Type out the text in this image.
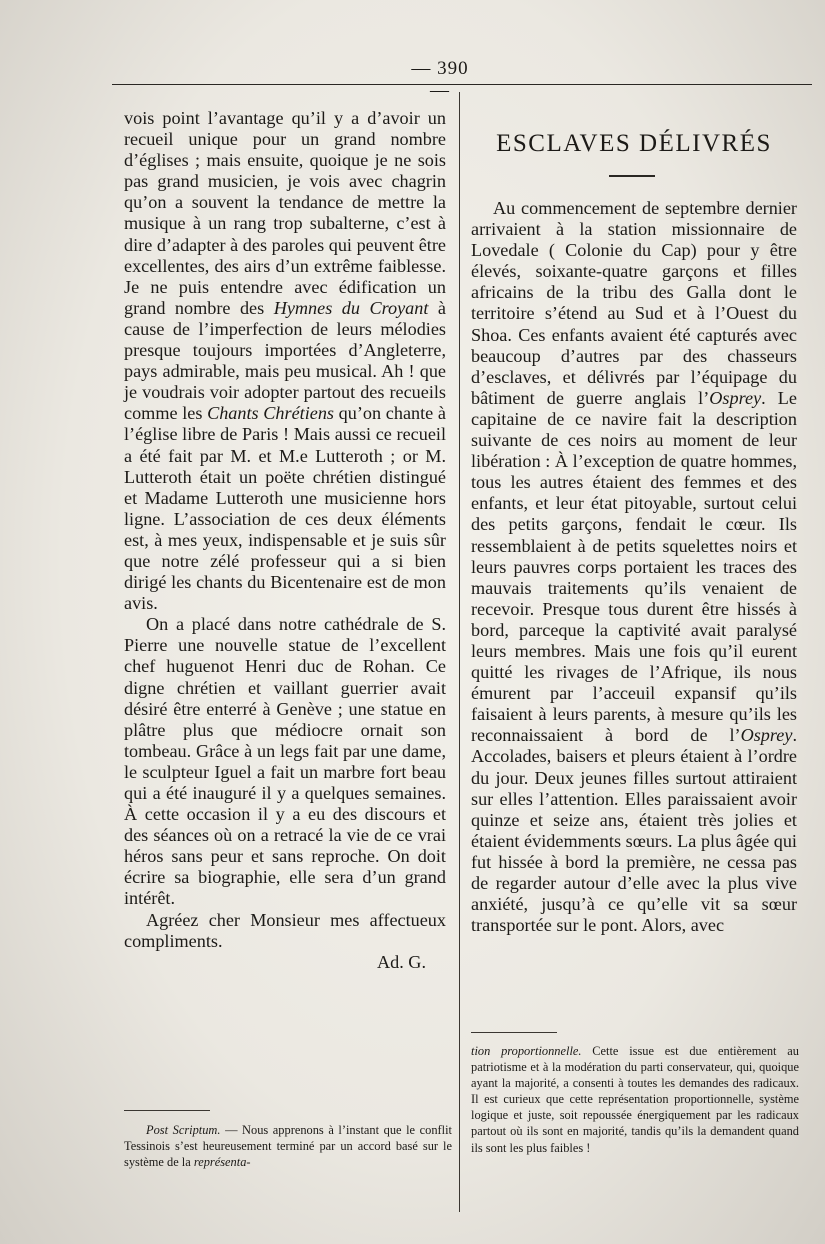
— 390 —

vois point l’avantage qu’il y a d’avoir un recueil unique pour un grand nombre d’églises ; mais ensuite, quoique je ne sois pas grand musicien, je vois avec chagrin qu’on a souvent la tendance de mettre la musique à un rang trop subalterne, c’est à dire d’adapter à des paroles qui peuvent être excellentes, des airs d’un extrême faiblesse. Je ne puis entendre avec édification un grand nombre des Hymnes du Croyant à cause de l’imperfection de leurs mélodies presque toujours importées d’Angleterre, pays admirable, mais peu musical. Ah ! que je voudrais voir adopter partout des recueils comme les Chants Chrétiens qu’on chante à l’église libre de Paris ! Mais aussi ce recueil a été fait par M. et M.e Lutteroth ; or M. Lutteroth était un poëte chrétien distingué et Madame Lutteroth une musicienne hors ligne. L’association de ces deux éléments est, à mes yeux, indispensable et je suis sûr que notre zélé professeur qui a si bien dirigé les chants du Bicentenaire est de mon avis.

On a placé dans notre cathédrale de S. Pierre une nouvelle statue de l’excellent chef huguenot Henri duc de Rohan. Ce digne chrétien et vaillant guerrier avait désiré être enterré à Genève ; une statue en plâtre plus que médiocre ornait son tombeau. Grâce à un legs fait par une dame, le sculpteur Iguel a fait un marbre fort beau qui a été inauguré il y a quelques semaines. À cette occasion il y a eu des discours et des séances où on a retracé la vie de ce vrai héros sans peur et sans reproche. On doit écrire sa biographie, elle sera d’un grand intérêt.

Agréez cher Monsieur mes affectueux compliments.

Ad. G.

ESCLAVES DÉLIVRÉS

Au commencement de septembre dernier arrivaient à la station missionnaire de Lovedale ( Colonie du Cap) pour y être élevés, soixante-quatre garçons et filles africains de la tribu des Galla dont le territoire s’étend au Sud et à l’Ouest du Shoa. Ces enfants avaient été capturés avec beaucoup d’autres par des chasseurs d’esclaves, et délivrés par l’équipage du bâtiment de guerre anglais l’Osprey. Le capitaine de ce navire fait la description suivante de ces noirs au moment de leur libération : À l’exception de quatre hommes, tous les autres étaient des femmes et des enfants, et leur état pitoyable, surtout celui des petits garçons, fendait le cœur. Ils ressemblaient à de petits squelettes noirs et leurs pauvres corps portaient les traces des mauvais traitements qu’ils venaient de recevoir. Presque tous durent être hissés à bord, parceque la captivité avait paralysé leurs membres. Mais une fois qu’il eurent quitté les rivages de l’Afrique, ils nous émurent par l’acceuil expansif qu’ils faisaient à leurs parents, à mesure qu’ils les reconnaissaient à bord de l’Osprey. Accolades, baisers et pleurs étaient à l’ordre du jour. Deux jeunes filles surtout attiraient sur elles l’attention. Elles paraissaient avoir quinze et seize ans, étaient très jolies et étaient évidemments sœurs. La plus âgée qui fut hissée à bord la première, ne cessa pas de regarder autour d’elle avec la plus vive anxiété, jusqu’à ce qu’elle vit sa sœur transportée sur le pont. Alors, avec

Post Scriptum. — Nous apprenons à l’instant que le conflit Tessinois s’est heureusement terminé par un accord basé sur le système de la représenta-
tion proportionnelle. Cette issue est due entièrement au patriotisme et à la modération du parti conservateur, qui, quoique ayant la majorité, a consenti à toutes les demandes des radicaux. Il est curieux que cette représentation proportionnelle, système logique et juste, soit repoussée énergiquement par les radicaux partout où ils sont en majorité, tandis qu’ils la demandent quand ils sont les plus faibles !
